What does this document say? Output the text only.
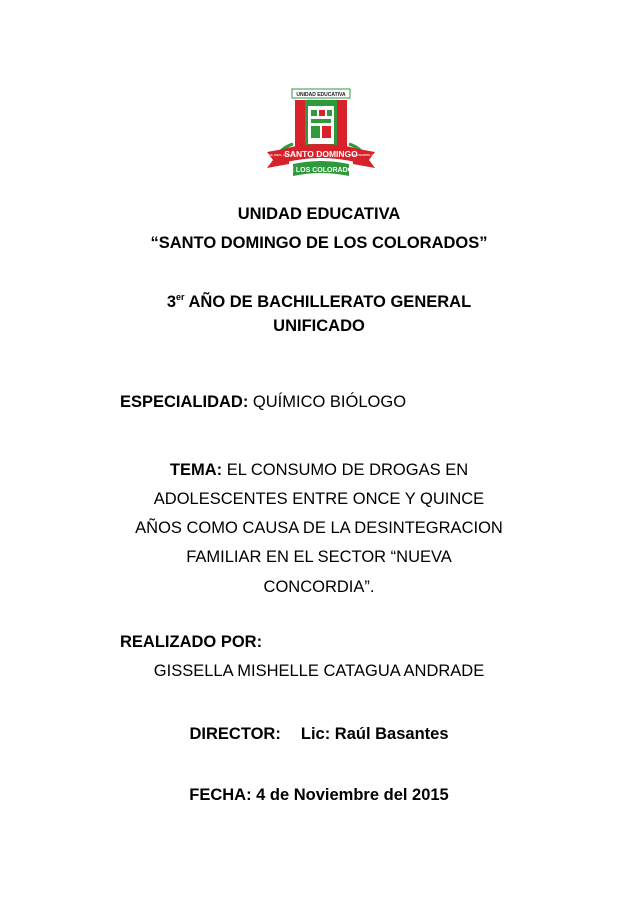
UNIDAD EDUCATIVA
SANTO DOMINGO
13 DE ABRIL 1978	NOVIEMBRE 1986
DE LOS COLORADOS
UNIDAD EDUCATIVA
“SANTO DOMINGO DE LOS COLORADOS”
3er AÑO DE BACHILLERATO GENERAL
UNIFICADO
ESPECIALIDAD: QUÍMICO BIÓLOGO
TEMA: EL CONSUMO DE DROGAS EN
ADOLESCENTES ENTRE ONCE Y QUINCE
AÑOS COMO CAUSA DE LA DESINTEGRACION
FAMILIAR EN EL SECTOR “NUEVA
CONCORDIA”.
REALIZADO POR:
GISSELLA MISHELLE CATAGUA ANDRADE
DIRECTOR: Lic: Raúl Basantes
FECHA: 4 de Noviembre del 2015
